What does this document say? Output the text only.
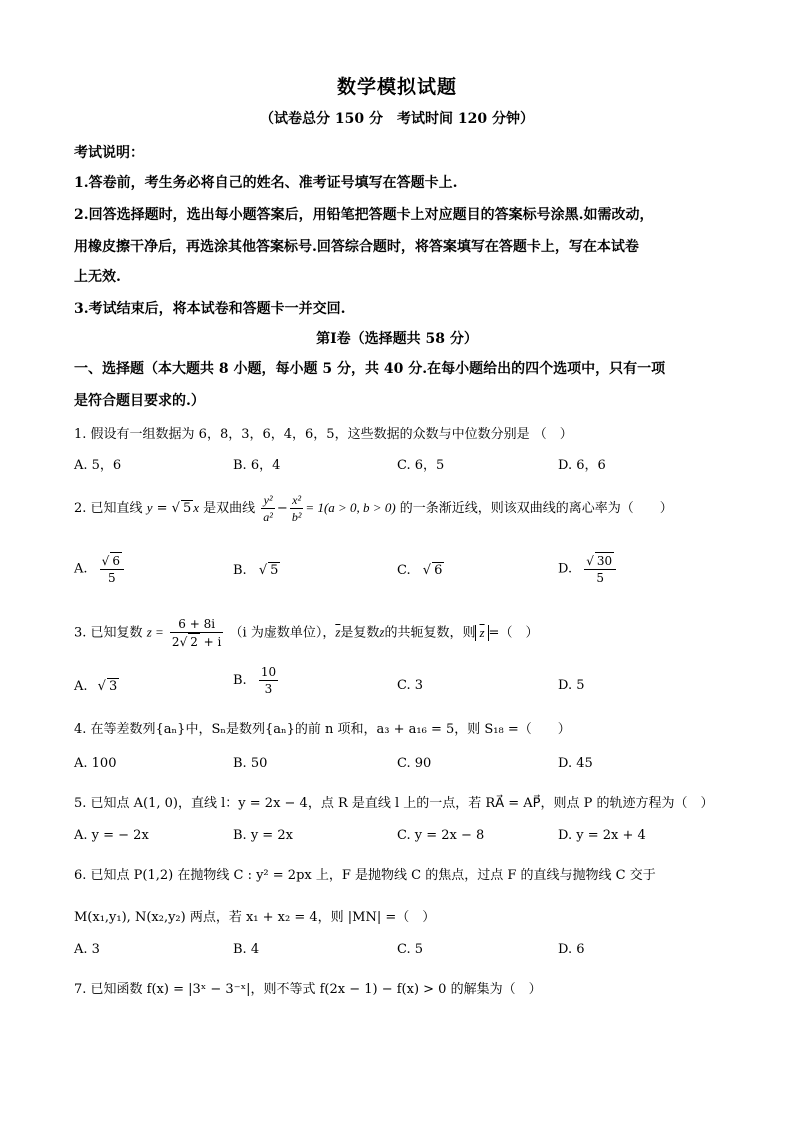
数学模拟试题
（试卷总分 150 分　考试时间 120 分钟）
考试说明：
1.答卷前，考生务必将自己的姓名、准考证号填写在答题卡上.
2.回答选择题时，选出每小题答案后，用铅笔把答题卡上对应题目的答案标号涂黑.如需改动，
用橡皮擦干净后，再选涂其他答案标号.回答综合题时，将答案填写在答题卡上，写在本试卷
上无效.
3.考试结束后，将本试卷和答题卡一并交回.
第Ⅰ卷（选择题共 58 分）
一、选择题（本大题共 8 小题，每小题 5 分，共 40 分.在每小题给出的四个选项中，只有一项
是符合题目要求的.）
1. 假设有一组数据为 6，8，3，6，4，6，5，这些数据的众数与中位数分别是 （　）
A. 5，6	B. 6，4	C. 6，5	D. 6，6
2. 已知直线 y = √ 5 x 是双曲线 $\frac{\text{y²}}{\text{a²}} - \frac{\text{x²}}{\text{b²}} = 1(a > 0$, b > 0) 的一条渐近线，则该双曲线的离心率为（　　）
A. $\frac{√ 6}{5}$	B. √ 5	C. √ 6	D. $\frac{√ 30}{5}$
3. 已知复数 $z = \frac{6 + 8i}{2√ 2 + i} (i$ 为虚数单位），$\overline{z}$是复数z的共轭复数，则 $\overline{z}$ =（　）
A. √ 3	B. $\frac{10}{3}$	C. 3	D. 5
4. 在等差数列{aₙ}中，Sₙ是数列{aₙ}的前 n 项和，a₃ + a₁₆ = 5，则 S₁₈ =（　　）
A. 100	B. 50	C. 90	D. 45
5. 已知点 A(1, 0)，直线 l：y = 2x − 4，点 R 是直线 l 上的一点，若 RA⃗ = AP⃗，则点 P 的轨迹方程为（　）
A. y = − 2x	B. y = 2x	C. y = 2x − 8	D. y = 2x + 4
6. 已知点 P(1,2) 在抛物线 C : y² = 2px 上，F 是抛物线 C 的焦点，过点 F 的直线与抛物线 C 交于
M(x₁,y₁), N(x₂,y₂) 两点，若 x₁ + x₂ = 4，则 |MN| =（　）
A. 3	B. 4	C. 5	D. 6
7. 已知函数 f(x) = |3ˣ − 3⁻ˣ|，则不等式 f(2x − 1) − f(x) > 0 的解集为（　）
